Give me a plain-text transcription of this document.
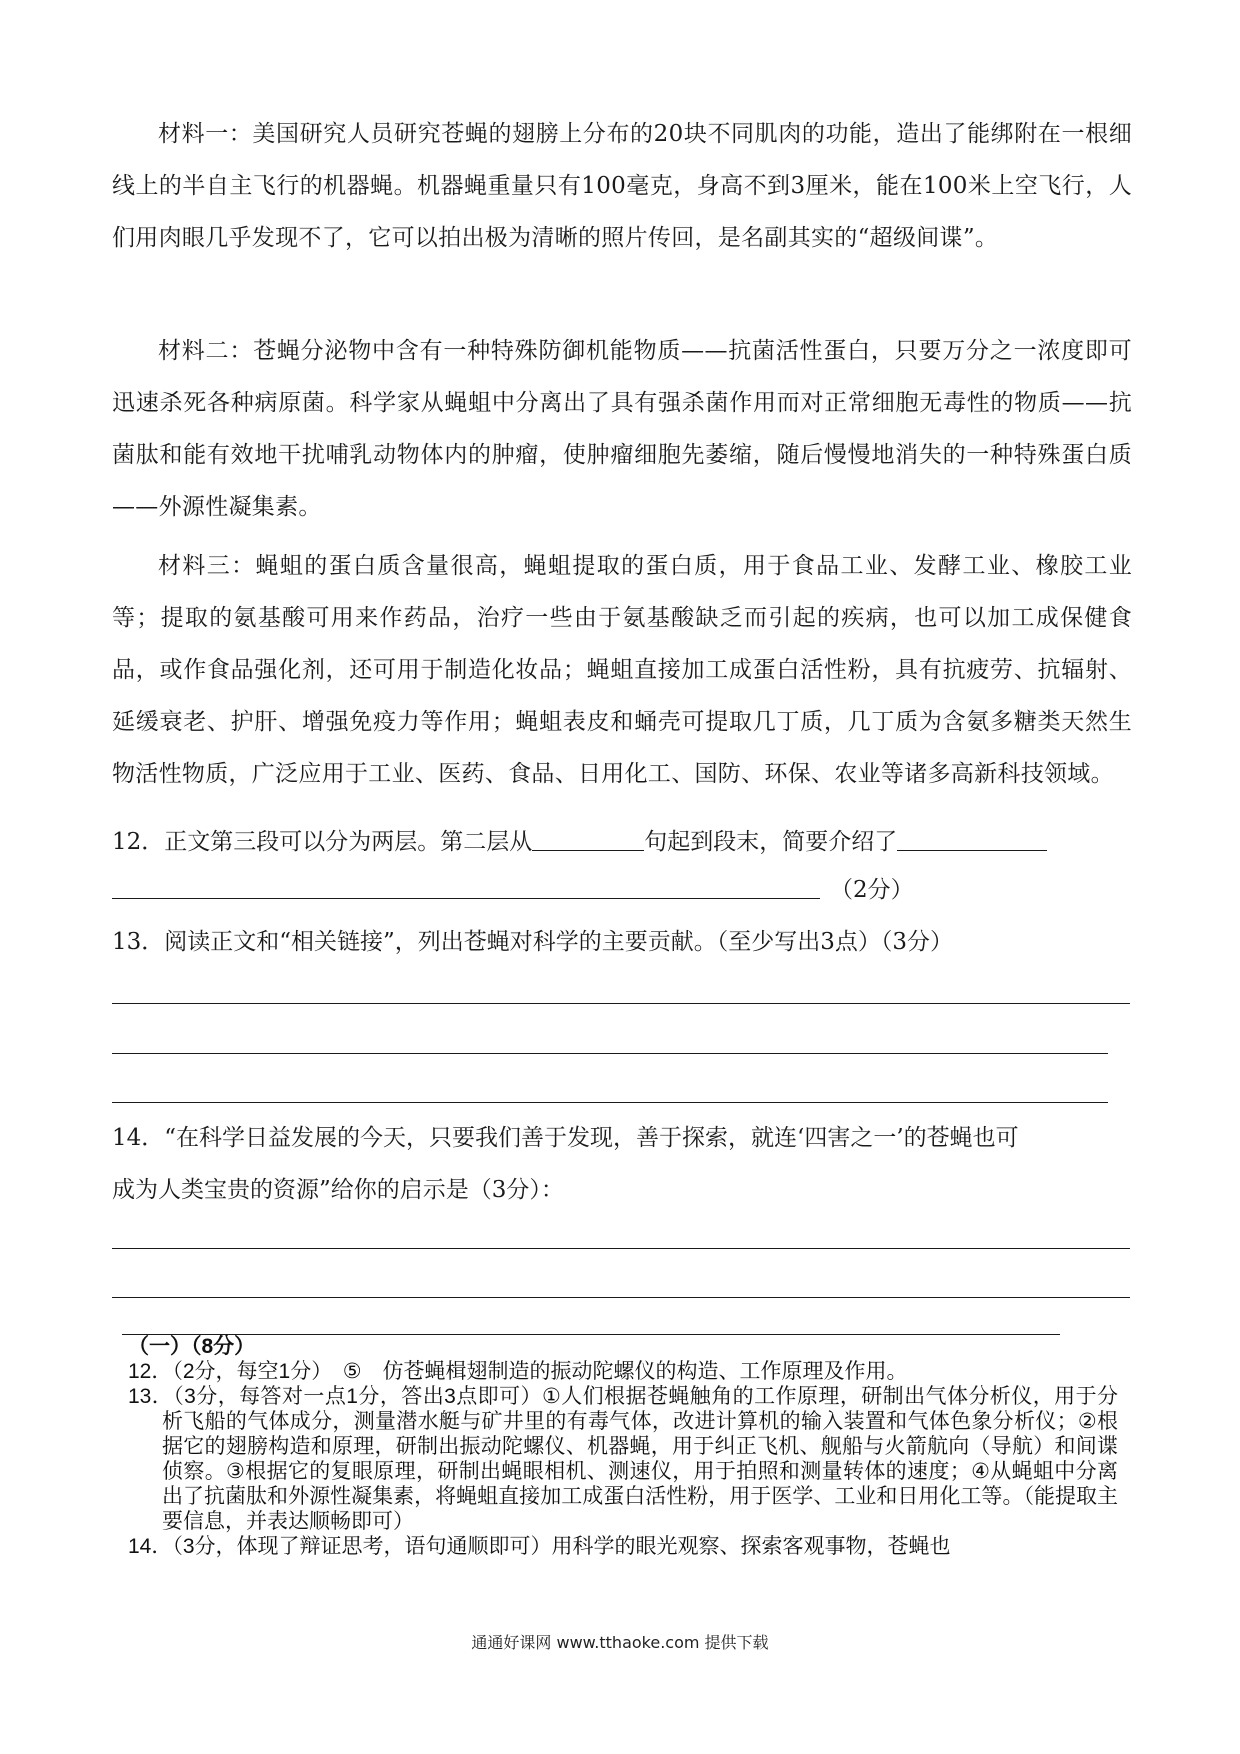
材料一：美国研究人员研究苍蝇的翅膀上分布的20块不同肌肉的功能，造出了能绑附在一根细线上的半自主飞行的机器蝇。机器蝇重量只有100毫克，身高不到3厘米，能在100米上空飞行，人们用肉眼几乎发现不了，它可以拍出极为清晰的照片传回，是名副其实的“超级间谍”。
材料二：苍蝇分泌物中含有一种特殊防御机能物质——抗菌活性蛋白，只要万分之一浓度即可迅速杀死各种病原菌。科学家从蝇蛆中分离出了具有强杀菌作用而对正常细胞无毒性的物质——抗菌肽和能有效地干扰哺乳动物体内的肿瘤，使肿瘤细胞先萎缩，随后慢慢地消失的一种特殊蛋白质——外源性凝集素。
材料三：蝇蛆的蛋白质含量很高，蝇蛆提取的蛋白质，用于食品工业、发酵工业、橡胶工业等；提取的氨基酸可用来作药品，治疗一些由于氨基酸缺乏而引起的疾病，也可以加工成保健食品，或作食品强化剂，还可用于制造化妆品；蝇蛆直接加工成蛋白活性粉，具有抗疲劳、抗辐射、延缓衰老、护肝、增强免疫力等作用；蝇蛆表皮和蛹壳可提取几丁质，几丁质为含氨多糖类天然生物活性物质，广泛应用于工业、医药、食品、日用化工、国防、环保、农业等诸多高新科技领域。
12．正文第三段可以分为两层。第二层从	句起到段末，简要介绍了
（2分）
13．阅读正文和“相关链接”，列出苍蝇对科学的主要贡献。（至少写出3点）（3分）
14．“在科学日益发展的今天，只要我们善于发现，善于探索，就连‘四害之一’的苍蝇也可
成为人类宝贵的资源”给你的启示是（3分）：
（一）（8分）
12．（2分，每空1分）　⑤　仿苍蝇楫翅制造的振动陀螺仪的构造、工作原理及作用。
13．（3分，每答对一点1分，答出3点即可）①人们根据苍蝇触角的工作原理，研制出气体分析仪，用于分析飞船的气体成分，测量潜水艇与矿井里的有毒气体，改进计算机的输入装置和气体色象分析仪；②根据它的翅膀构造和原理，研制出振动陀螺仪、机器蝇，用于纠正飞机、舰船与火箭航向（导航）和间谍侦察。③根据它的复眼原理，研制出蝇眼相机、测速仪，用于拍照和测量转体的速度；④从蝇蛆中分离出了抗菌肽和外源性凝集素，将蝇蛆直接加工成蛋白活性粉，用于医学、工业和日用化工等。（能提取主要信息，并表达顺畅即可）
14．（3分，体现了辩证思考，语句通顺即可）用科学的眼光观察、探索客观事物，苍蝇也
通通好课网 www.tthaoke.com 提供下载
